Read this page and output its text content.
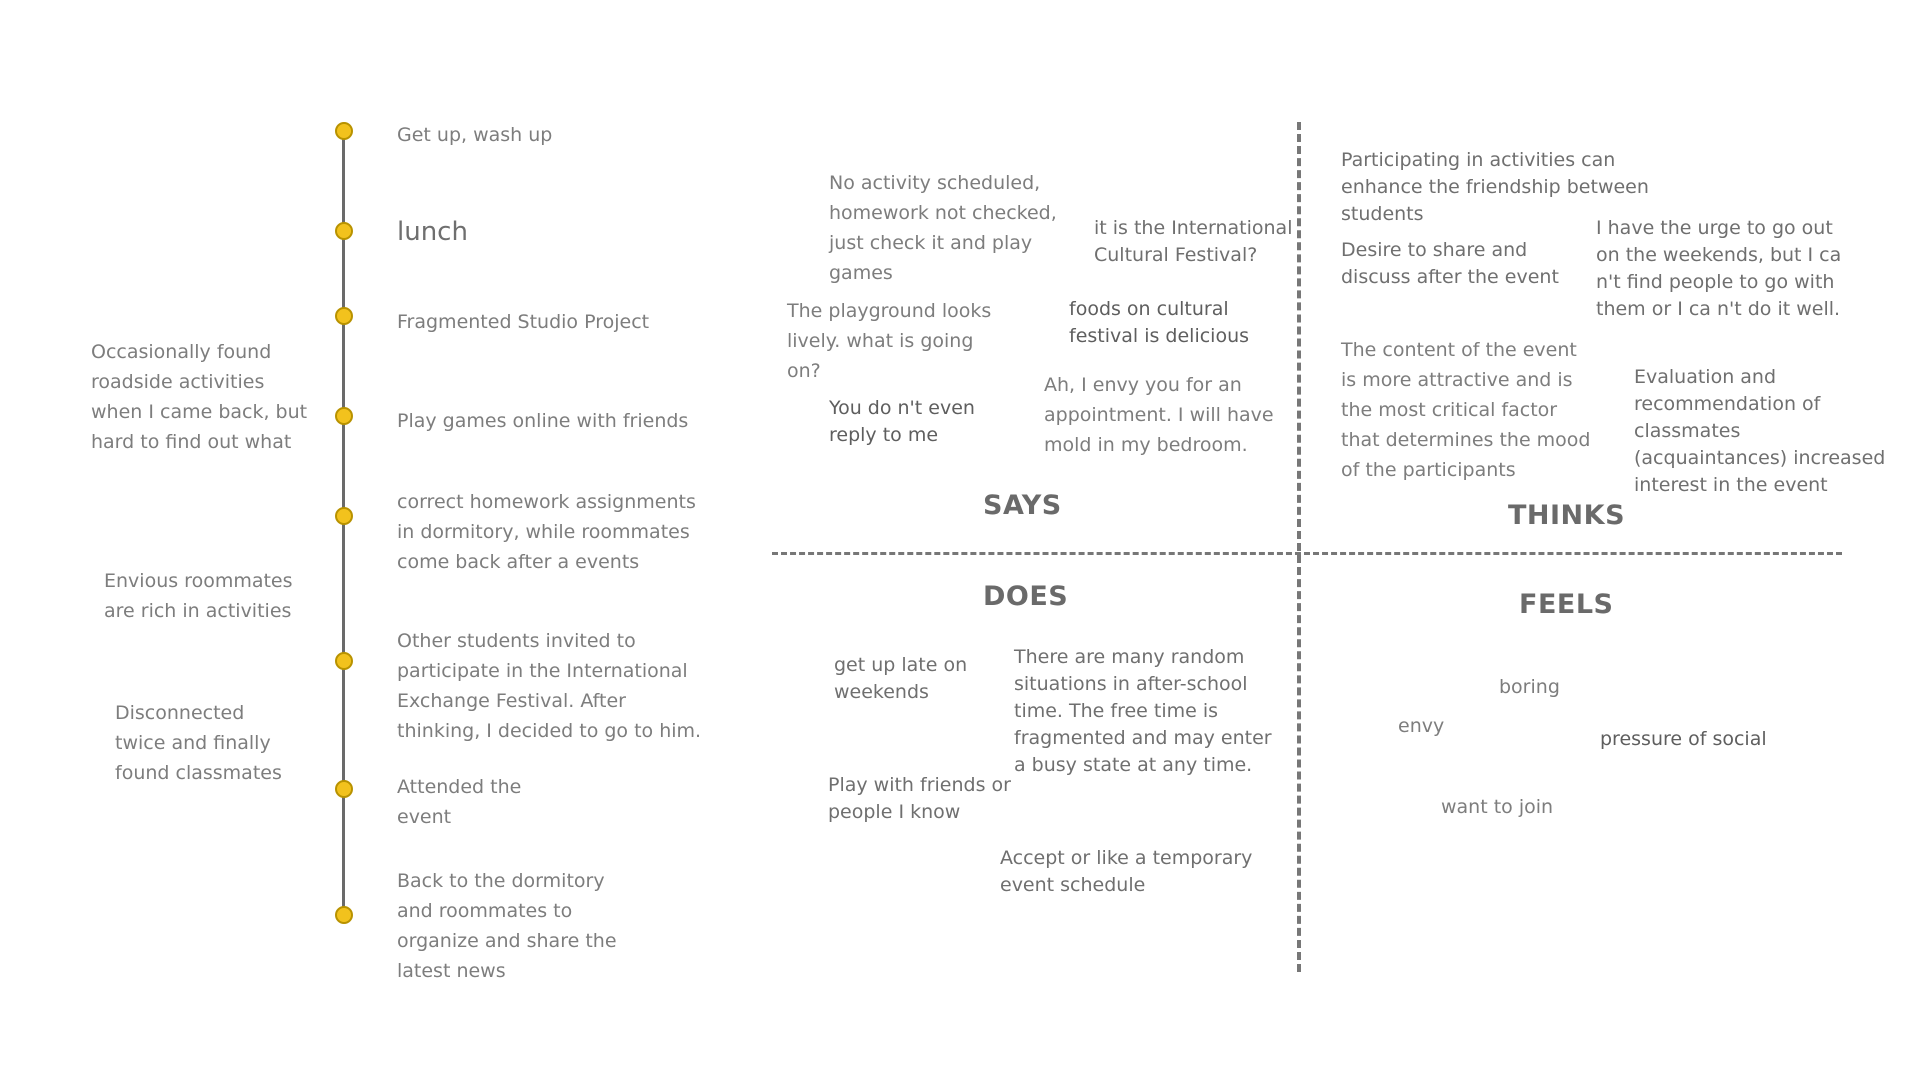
Get up, wash up
lunch
Fragmented Studio Project
Play games online with friends
correct homework assignments in dormitory, while roommates come back after a events
Other students invited to participate in the International Exchange Festival. After thinking, I decided to go to him.
Attended the event
Back to the dormitory and roommates to organize and share the latest news
Occasionally found roadside activities when I came back, but hard to find out what
Envious roommates are rich in activities
Disconnected twice and finally found classmates
SAYS
No activity scheduled, homework not checked, just check it and play games
it is the International Cultural Festival?
The playground looks lively. what is going on?
foods on cultural festival is delicious
You do n't even reply to me
Ah, I envy you for an appointment. I will have mold in my bedroom.
THINKS
Participating in activities can enhance the friendship between students
Desire to share and discuss after the event
I have the urge to go out on the weekends, but I ca n't find people to go with them or I ca n't do it well.
The content of the event is more attractive and is the most critical factor that determines the mood of the participants
Evaluation and recommendation of classmates (acquaintances) increased interest in the event
DOES
get up late on weekends
There are many random situations in after-school time. The free time is fragmented and may enter a busy state at any time.
Play with friends or people I know
Accept or like a temporary event schedule
FEELS
boring
envy
pressure of social
want to join
